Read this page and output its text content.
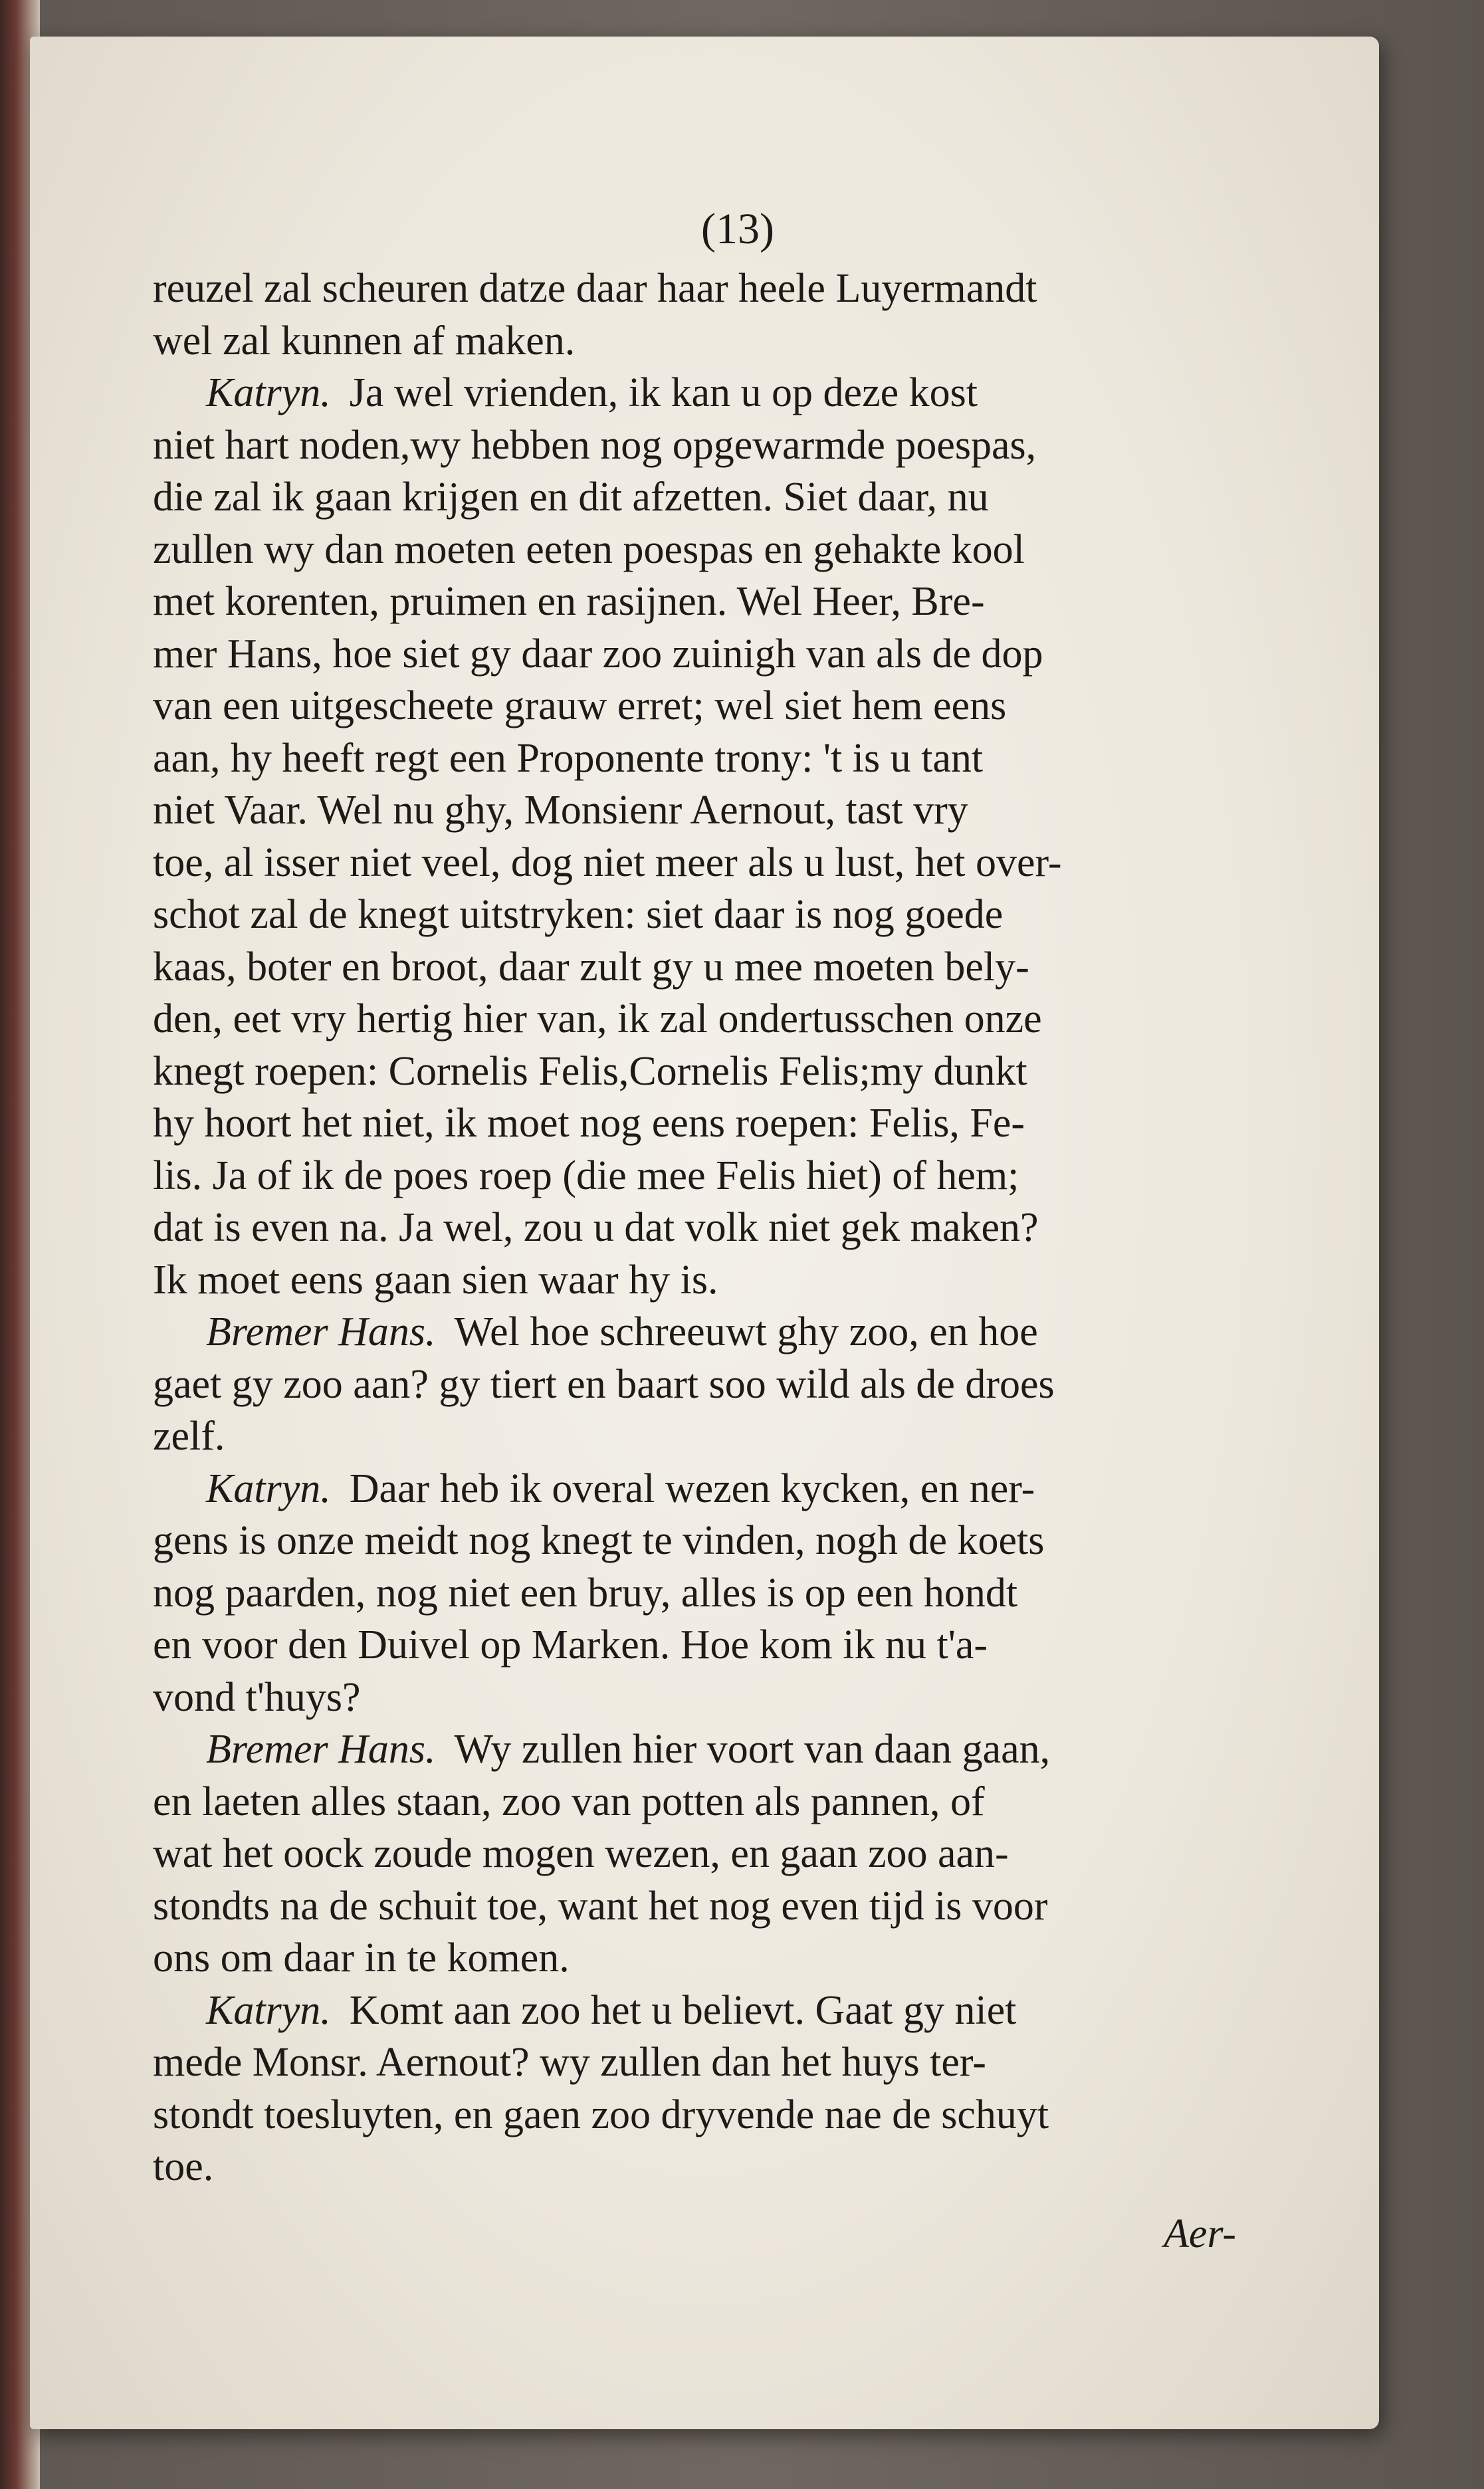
(13)
reuzel zal scheuren datze daar haar heele Luyermandt
wel zal kunnen af maken.
Katryn. Ja wel vrienden, ik kan u op deze kost
niet hart noden,wy hebben nog opgewarmde poespas,
die zal ik gaan krijgen en dit afzetten. Siet daar, nu
zullen wy dan moeten eeten poespas en gehakte kool
met korenten, pruimen en rasijnen. Wel Heer, Bre-
mer Hans, hoe siet gy daar zoo zuinigh van als de dop
van een uitgescheete grauw erret; wel siet hem eens
aan, hy heeft regt een Proponente trony: 't is u tant
niet Vaar. Wel nu ghy, Monsienr Aernout, tast vry
toe, al isser niet veel, dog niet meer als u lust, het over-
schot zal de knegt uitstryken: siet daar is nog goede
kaas, boter en broot, daar zult gy u mee moeten bely-
den, eet vry hertig hier van, ik zal ondertusschen onze
knegt roepen: Cornelis Felis,Cornelis Felis;my dunkt
hy hoort het niet, ik moet nog eens roepen: Felis, Fe-
lis. Ja of ik de poes roep (die mee Felis hiet) of hem;
dat is even na. Ja wel, zou u dat volk niet gek maken?
Ik moet eens gaan sien waar hy is.
Bremer Hans. Wel hoe schreeuwt ghy zoo, en hoe
gaet gy zoo aan? gy tiert en baart soo wild als de droes
zelf.
Katryn. Daar heb ik overal wezen kycken, en ner-
gens is onze meidt nog knegt te vinden, nogh de koets
nog paarden, nog niet een bruy, alles is op een hondt
en voor den Duivel op Marken. Hoe kom ik nu t'a-
vond t'huys?
Bremer Hans. Wy zullen hier voort van daan gaan,
en laeten alles staan, zoo van potten als pannen, of
wat het oock zoude mogen wezen, en gaan zoo aan-
stondts na de schuit toe, want het nog even tijd is voor
ons om daar in te komen.
Katryn. Komt aan zoo het u believt. Gaat gy niet
mede Monsr. Aernout? wy zullen dan het huys ter-
stondt toesluyten, en gaen zoo dryvende nae de schuyt
toe.
Aer-
